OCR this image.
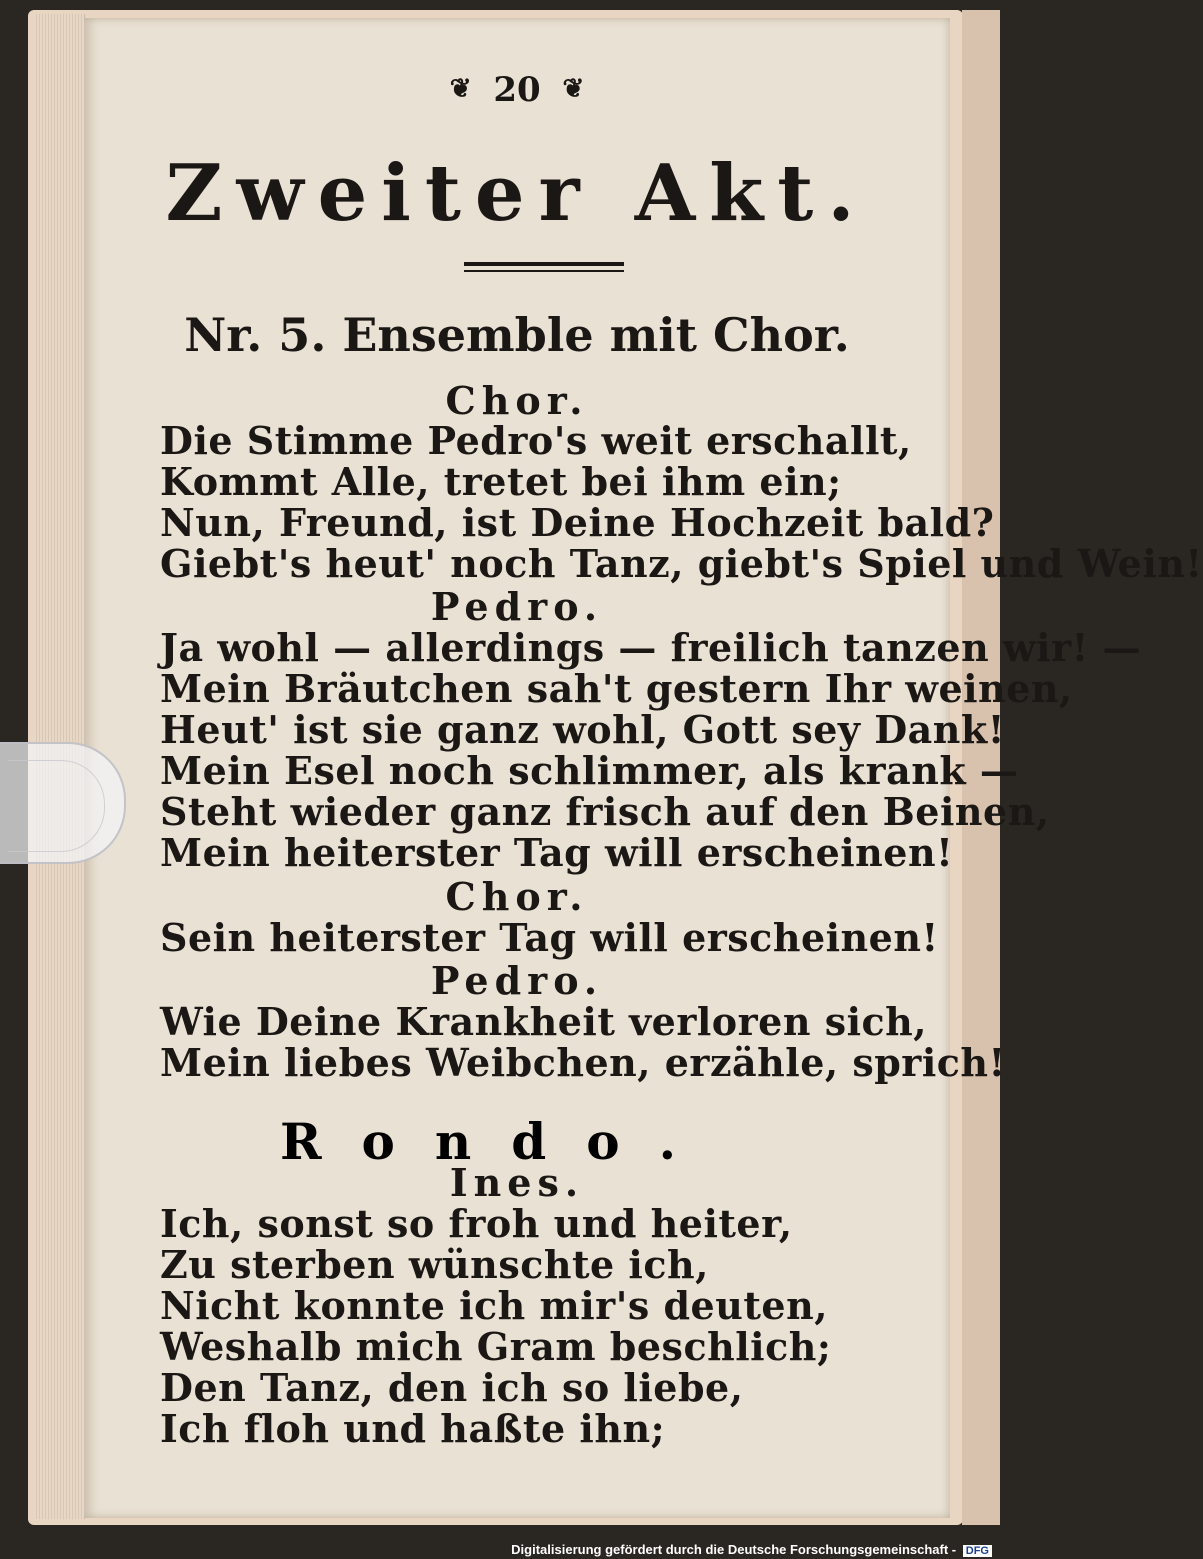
❦ 20 ❦
Zweiter Akt.
Nr. 5. Ensemble mit Chor.
Chor.
Die Stimme Pedro's weit erschallt,
Kommt Alle, tretet bei ihm ein;
Nun, Freund, ist Deine Hochzeit bald?
Giebt's heut' noch Tanz, giebt's Spiel und Wein!
Pedro.
Ja wohl — allerdings — freilich tanzen wir! —
Mein Bräutchen sah't gestern Ihr weinen,
Heut' ist sie ganz wohl, Gott sey Dank!
Mein Esel noch schlimmer, als krank —
Steht wieder ganz frisch auf den Beinen,
Mein heiterster Tag will erscheinen!
Chor.
Sein heiterster Tag will erscheinen!
Pedro.
Wie Deine Krankheit verloren sich,
Mein liebes Weibchen, erzähle, sprich!
Rondo.
Ines.
Ich, sonst so froh und heiter,
Zu sterben wünschte ich,
Nicht konnte ich mir's deuten,
Weshalb mich Gram beschlich;
Den Tanz, den ich so liebe,
Ich floh und haßte ihn;
Digitalisierung gefördert durch die Deutsche Forschungsgemeinschaft - DFG
